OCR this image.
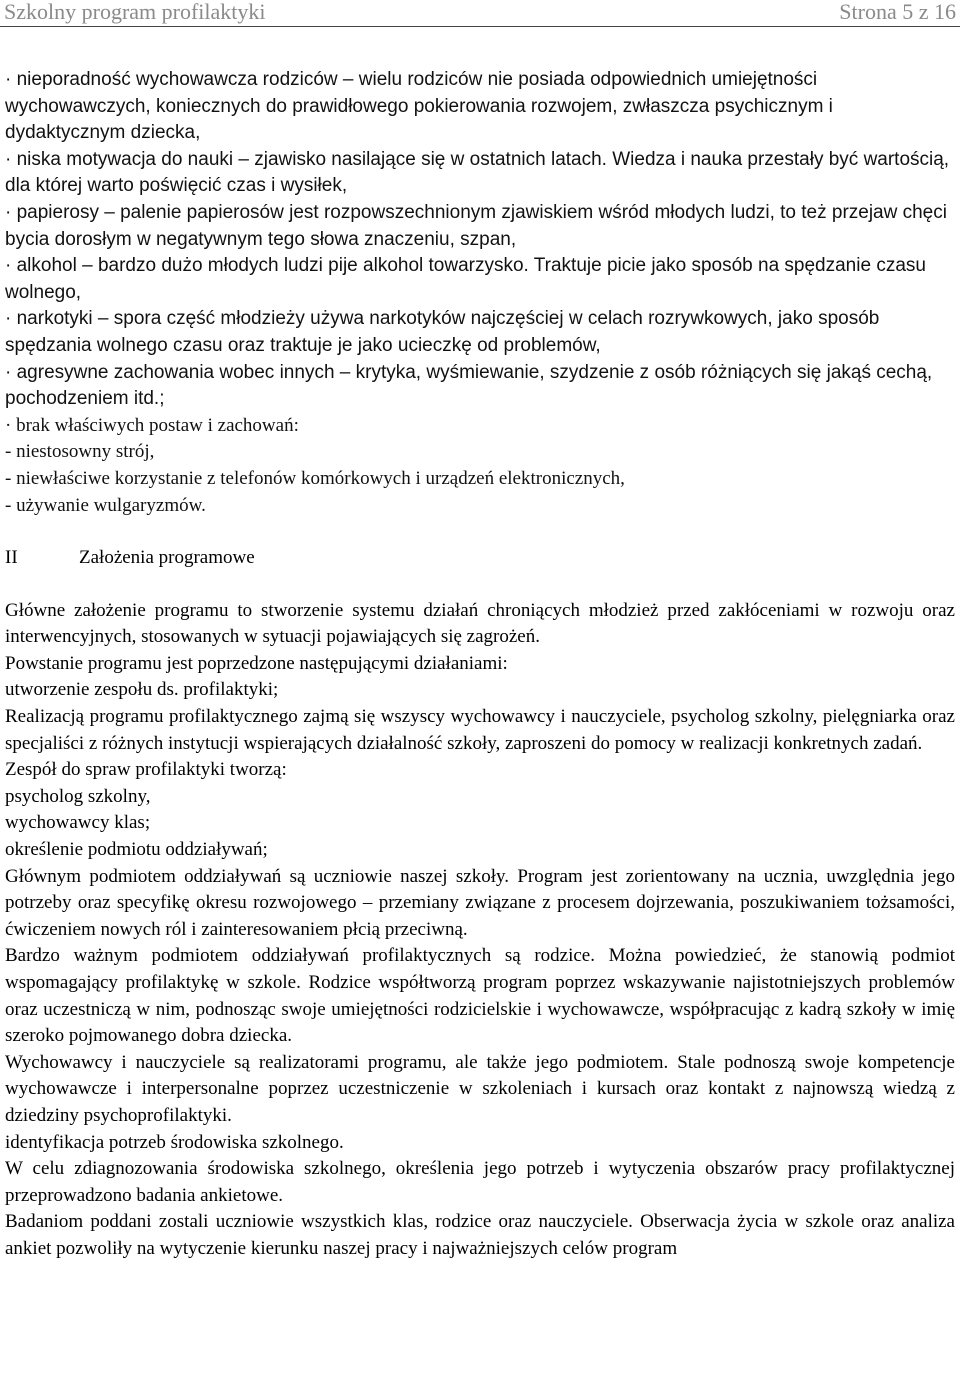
Szkolny program profilaktyki	Strona 5 z 16

· nieporadność wychowawcza rodziców – wielu rodziców nie posiada odpowiednich umiejętności wychowawczych, koniecznych do prawidłowego pokierowania rozwojem, zwłaszcza psychicznym i dydaktycznym dziecka,

· niska motywacja do nauki – zjawisko nasilające się w ostatnich latach. Wiedza i nauka przestały być wartością, dla której warto poświęcić czas i wysiłek,

· papierosy – palenie papierosów jest rozpowszechnionym zjawiskiem wśród młodych ludzi, to też przejaw chęci bycia dorosłym w negatywnym tego słowa znaczeniu, szpan,

· alkohol – bardzo dużo młodych ludzi pije alkohol towarzysko. Traktuje picie jako sposób na spędzanie czasu wolnego,

· narkotyki – spora część młodzieży używa narkotyków najczęściej w celach rozrywkowych, jako sposób spędzania wolnego czasu oraz traktuje je jako ucieczkę od problemów,

· agresywne zachowania wobec innych – krytyka, wyśmiewanie, szydzenie z osób różniących się jakąś cechą, pochodzeniem itd.;

· brak właściwych postaw i zachowań:

- niestosowny strój,

- niewłaściwe korzystanie z telefonów komórkowych i urządzeń elektronicznych,

- używanie wulgaryzmów.

II	Założenia programowe

Główne założenie programu to stworzenie systemu działań chroniących młodzież przed zakłóceniami w rozwoju oraz interwencyjnych, stosowanych w sytuacji pojawiających się zagrożeń.

Powstanie programu jest poprzedzone następującymi działaniami:

utworzenie zespołu ds. profilaktyki;

Realizacją programu profilaktycznego zajmą się wszyscy wychowawcy i nauczyciele, psycholog szkolny, pielęgniarka oraz specjaliści z różnych instytucji wspierających działalność szkoły, zaproszeni do pomocy w realizacji konkretnych zadań.

Zespół do spraw profilaktyki tworzą:

psycholog szkolny,

wychowawcy klas;

określenie podmiotu oddziaływań;

Głównym podmiotem oddziaływań są uczniowie naszej szkoły. Program jest zorientowany na ucznia, uwzględnia jego potrzeby oraz specyfikę okresu rozwojowego – przemiany związane z procesem dojrzewania, poszukiwaniem tożsamości, ćwiczeniem nowych ról i zainteresowaniem płcią przeciwną.

Bardzo ważnym podmiotem oddziaływań profilaktycznych są rodzice. Można powiedzieć, że stanowią podmiot wspomagający profilaktykę w szkole. Rodzice współtworzą program poprzez wskazywanie najistotniejszych problemów oraz uczestniczą w nim, podnosząc swoje umiejętności rodzicielskie i wychowawcze, współpracując z kadrą szkoły w imię szeroko pojmowanego dobra dziecka.

Wychowawcy i nauczyciele są realizatorami programu, ale także jego podmiotem. Stale podnoszą swoje kompetencje wychowawcze i interpersonalne poprzez uczestniczenie w szkoleniach i kursach oraz kontakt z najnowszą wiedzą z dziedziny psychoprofilaktyki.

identyfikacja potrzeb środowiska szkolnego.

W celu zdiagnozowania środowiska szkolnego, określenia jego potrzeb i wytyczenia obszarów pracy profilaktycznej przeprowadzono badania ankietowe.

Badaniom poddani zostali uczniowie wszystkich klas, rodzice oraz nauczyciele. Obserwacja życia w szkole oraz analiza ankiet pozwoliły na wytyczenie kierunku naszej pracy i najważniejszych celów program
